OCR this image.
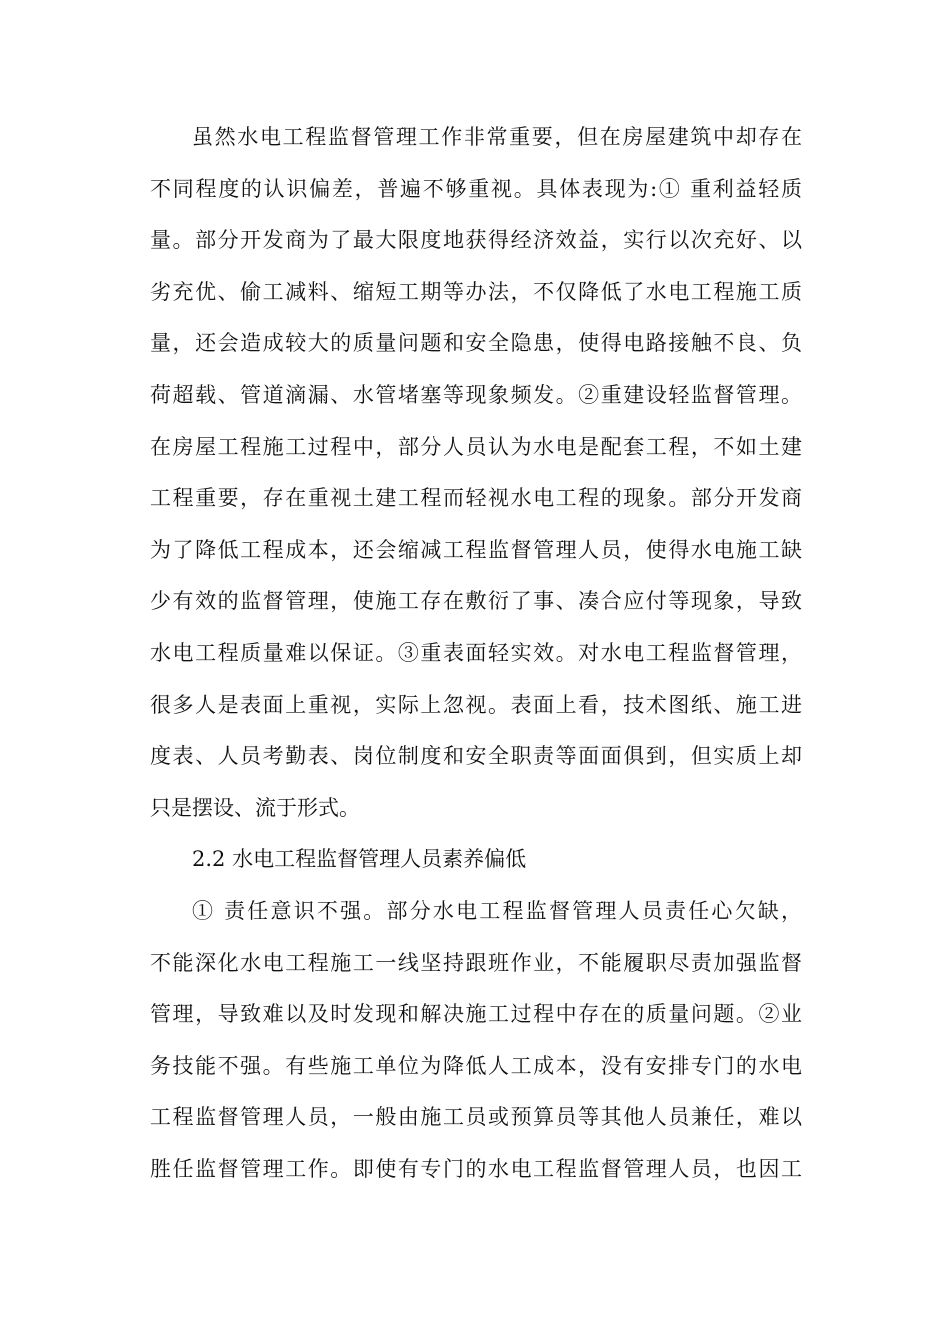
虽然水电工程监督管理工作非常重要，但在房屋建筑中却存在
不同程度的认识偏差，普遍不够重视。具体表现为:① 重利益轻质
量。部分开发商为了最大限度地获得经济效益，实行以次充好、以
劣充优、偷工减料、缩短工期等办法，不仅降低了水电工程施工质
量，还会造成较大的质量问题和安全隐患，使得电路接触不良、负
荷超载、管道滴漏、水管堵塞等现象频发。②重建设轻监督管理。
在房屋工程施工过程中，部分人员认为水电是配套工程，不如土建
工程重要，存在重视土建工程而轻视水电工程的现象。部分开发商
为了降低工程成本，还会缩减工程监督管理人员，使得水电施工缺
少有效的监督管理，使施工存在敷衍了事、凑合应付等现象，导致
水电工程质量难以保证。③重表面轻实效。对水电工程监督管理，
很多人是表面上重视，实际上忽视。表面上看，技术图纸、施工进
度表、人员考勤表、岗位制度和安全职责等面面俱到，但实质上却
只是摆设、流于形式。
2.2 水电工程监督管理人员素养偏低
① 责任意识不强。部分水电工程监督管理人员责任心欠缺，
不能深化水电工程施工一线坚持跟班作业，不能履职尽责加强监督
管理，导致难以及时发现和解决施工过程中存在的质量问题。②业
务技能不强。有些施工单位为降低人工成本，没有安排专门的水电
工程监督管理人员，一般由施工员或预算员等其他人员兼任，难以
胜任监督管理工作。即使有专门的水电工程监督管理人员，也因工
